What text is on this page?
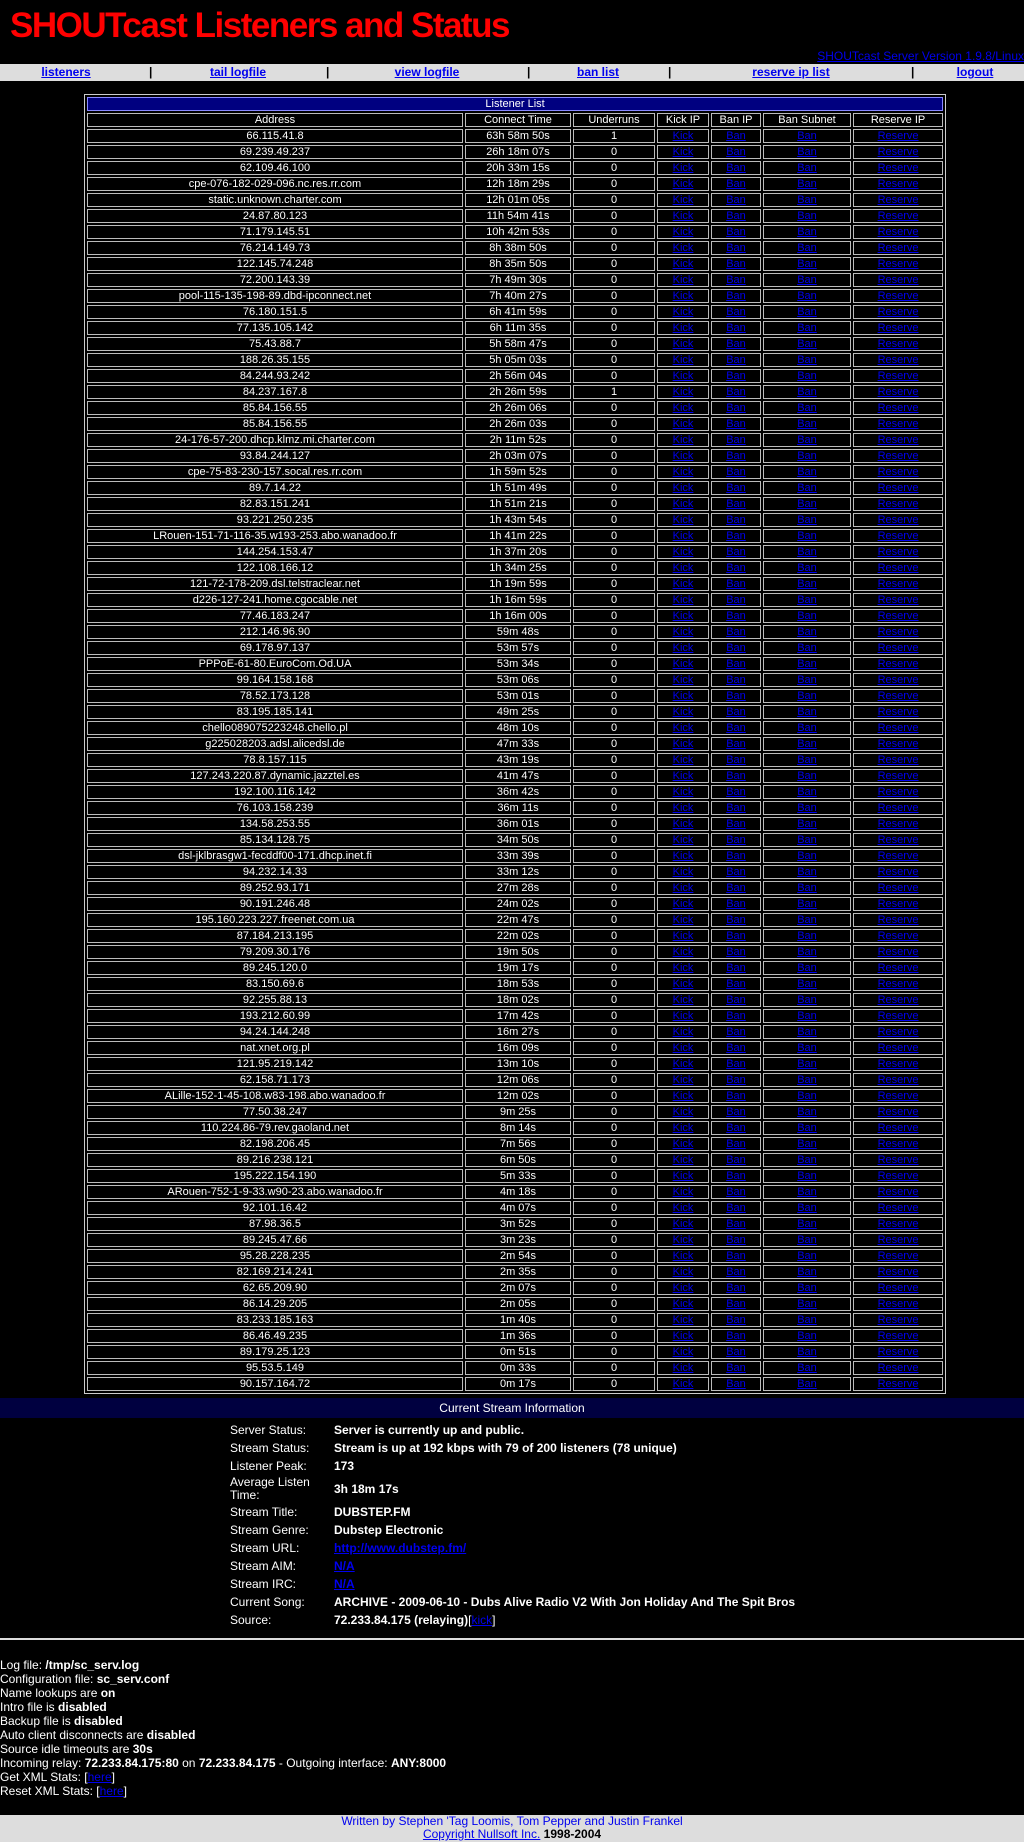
SHOUTcast Listeners and Status
SHOUTcast Server Version 1.9.8/Linux
listeners	|	tail logfile	|	view logfile	|	ban list	|	reserve ip list	|	logout
Listener List						
Address	Connect Time	Underruns	Kick IP	Ban IP	Ban Subnet	Reserve IP
66.115.41.8	63h 58m 50s	1	Kick	Ban	Ban	Reserve
69.239.49.237	26h 18m 07s	0	Kick	Ban	Ban	Reserve
62.109.46.100	20h 33m 15s	0	Kick	Ban	Ban	Reserve
cpe-076-182-029-096.nc.res.rr.com	12h 18m 29s	0	Kick	Ban	Ban	Reserve
static.unknown.charter.com	12h 01m 05s	0	Kick	Ban	Ban	Reserve
24.87.80.123	11h 54m 41s	0	Kick	Ban	Ban	Reserve
71.179.145.51	10h 42m 53s	0	Kick	Ban	Ban	Reserve
76.214.149.73	8h 38m 50s	0	Kick	Ban	Ban	Reserve
122.145.74.248	8h 35m 50s	0	Kick	Ban	Ban	Reserve
72.200.143.39	7h 49m 30s	0	Kick	Ban	Ban	Reserve
pool-115-135-198-89.dbd-ipconnect.net	7h 40m 27s	0	Kick	Ban	Ban	Reserve
76.180.151.5	6h 41m 59s	0	Kick	Ban	Ban	Reserve
77.135.105.142	6h 11m 35s	0	Kick	Ban	Ban	Reserve
75.43.88.7	5h 58m 47s	0	Kick	Ban	Ban	Reserve
188.26.35.155	5h 05m 03s	0	Kick	Ban	Ban	Reserve
84.244.93.242	2h 56m 04s	0	Kick	Ban	Ban	Reserve
84.237.167.8	2h 26m 59s	1	Kick	Ban	Ban	Reserve
85.84.156.55	2h 26m 06s	0	Kick	Ban	Ban	Reserve
85.84.156.55	2h 26m 03s	0	Kick	Ban	Ban	Reserve
24-176-57-200.dhcp.klmz.mi.charter.com	2h 11m 52s	0	Kick	Ban	Ban	Reserve
93.84.244.127	2h 03m 07s	0	Kick	Ban	Ban	Reserve
cpe-75-83-230-157.socal.res.rr.com	1h 59m 52s	0	Kick	Ban	Ban	Reserve
89.7.14.22	1h 51m 49s	0	Kick	Ban	Ban	Reserve
82.83.151.241	1h 51m 21s	0	Kick	Ban	Ban	Reserve
93.221.250.235	1h 43m 54s	0	Kick	Ban	Ban	Reserve
LRouen-151-71-116-35.w193-253.abo.wanadoo.fr	1h 41m 22s	0	Kick	Ban	Ban	Reserve
144.254.153.47	1h 37m 20s	0	Kick	Ban	Ban	Reserve
122.108.166.12	1h 34m 25s	0	Kick	Ban	Ban	Reserve
121-72-178-209.dsl.telstraclear.net	1h 19m 59s	0	Kick	Ban	Ban	Reserve
d226-127-241.home.cgocable.net	1h 16m 59s	0	Kick	Ban	Ban	Reserve
77.46.183.247	1h 16m 00s	0	Kick	Ban	Ban	Reserve
212.146.96.90	59m 48s	0	Kick	Ban	Ban	Reserve
69.178.97.137	53m 57s	0	Kick	Ban	Ban	Reserve
PPPoE-61-80.EuroCom.Od.UA	53m 34s	0	Kick	Ban	Ban	Reserve
99.164.158.168	53m 06s	0	Kick	Ban	Ban	Reserve
78.52.173.128	53m 01s	0	Kick	Ban	Ban	Reserve
83.195.185.141	49m 25s	0	Kick	Ban	Ban	Reserve
chello089075223248.chello.pl	48m 10s	0	Kick	Ban	Ban	Reserve
g225028203.adsl.alicedsl.de	47m 33s	0	Kick	Ban	Ban	Reserve
78.8.157.115	43m 19s	0	Kick	Ban	Ban	Reserve
127.243.220.87.dynamic.jazztel.es	41m 47s	0	Kick	Ban	Ban	Reserve
192.100.116.142	36m 42s	0	Kick	Ban	Ban	Reserve
76.103.158.239	36m 11s	0	Kick	Ban	Ban	Reserve
134.58.253.55	36m 01s	0	Kick	Ban	Ban	Reserve
85.134.128.75	34m 50s	0	Kick	Ban	Ban	Reserve
dsl-jklbrasgw1-fecddf00-171.dhcp.inet.fi	33m 39s	0	Kick	Ban	Ban	Reserve
94.232.14.33	33m 12s	0	Kick	Ban	Ban	Reserve
89.252.93.171	27m 28s	0	Kick	Ban	Ban	Reserve
90.191.246.48	24m 02s	0	Kick	Ban	Ban	Reserve
195.160.223.227.freenet.com.ua	22m 47s	0	Kick	Ban	Ban	Reserve
87.184.213.195	22m 02s	0	Kick	Ban	Ban	Reserve
79.209.30.176	19m 50s	0	Kick	Ban	Ban	Reserve
89.245.120.0	19m 17s	0	Kick	Ban	Ban	Reserve
83.150.69.6	18m 53s	0	Kick	Ban	Ban	Reserve
92.255.88.13	18m 02s	0	Kick	Ban	Ban	Reserve
193.212.60.99	17m 42s	0	Kick	Ban	Ban	Reserve
94.24.144.248	16m 27s	0	Kick	Ban	Ban	Reserve
nat.xnet.org.pl	16m 09s	0	Kick	Ban	Ban	Reserve
121.95.219.142	13m 10s	0	Kick	Ban	Ban	Reserve
62.158.71.173	12m 06s	0	Kick	Ban	Ban	Reserve
ALille-152-1-45-108.w83-198.abo.wanadoo.fr	12m 02s	0	Kick	Ban	Ban	Reserve
77.50.38.247	9m 25s	0	Kick	Ban	Ban	Reserve
110.224.86-79.rev.gaoland.net	8m 14s	0	Kick	Ban	Ban	Reserve
82.198.206.45	7m 56s	0	Kick	Ban	Ban	Reserve
89.216.238.121	6m 50s	0	Kick	Ban	Ban	Reserve
195.222.154.190	5m 33s	0	Kick	Ban	Ban	Reserve
ARouen-752-1-9-33.w90-23.abo.wanadoo.fr	4m 18s	0	Kick	Ban	Ban	Reserve
92.101.16.42	4m 07s	0	Kick	Ban	Ban	Reserve
87.98.36.5	3m 52s	0	Kick	Ban	Ban	Reserve
89.245.47.66	3m 23s	0	Kick	Ban	Ban	Reserve
95.28.228.235	2m 54s	0	Kick	Ban	Ban	Reserve
82.169.214.241	2m 35s	0	Kick	Ban	Ban	Reserve
62.65.209.90	2m 07s	0	Kick	Ban	Ban	Reserve
86.14.29.205	2m 05s	0	Kick	Ban	Ban	Reserve
83.233.185.163	1m 40s	0	Kick	Ban	Ban	Reserve
86.46.49.235	1m 36s	0	Kick	Ban	Ban	Reserve
89.179.25.123	0m 51s	0	Kick	Ban	Ban	Reserve
95.53.5.149	0m 33s	0	Kick	Ban	Ban	Reserve
90.157.164.72	0m 17s	0	Kick	Ban	Ban	Reserve
Current Stream Information
Server Status:	Server is currently up and public.
Stream Status:	Stream is up at 192 kbps with 79 of 200 listeners (78 unique)
Listener Peak:	173
Average Listen Time:	3h 18m 17s
Stream Title:	DUBSTEP.FM
Stream Genre:	Dubstep Electronic
Stream URL:	http://www.dubstep.fm/
Stream AIM:	N/A
Stream IRC:	N/A
Current Song:	ARCHIVE - 2009-06-10 - Dubs Alive Radio V2 With Jon Holiday And The Spit Bros
Source:	72.233.84.175 (relaying)[kick]
Log file: /tmp/sc_serv.log
Configuration file: sc_serv.conf
Name lookups are on
Intro file is disabled
Backup file is disabled
Auto client disconnects are disabled
Source idle timeouts are 30s
Incoming relay: 72.233.84.175:80 on 72.233.84.175 - Outgoing interface: ANY:8000
Get XML Stats: [here]
Reset XML Stats: [here]
Written by Stephen 'Tag Loomis, Tom Pepper and Justin Frankel
Copyright Nullsoft Inc. 1998-2004
